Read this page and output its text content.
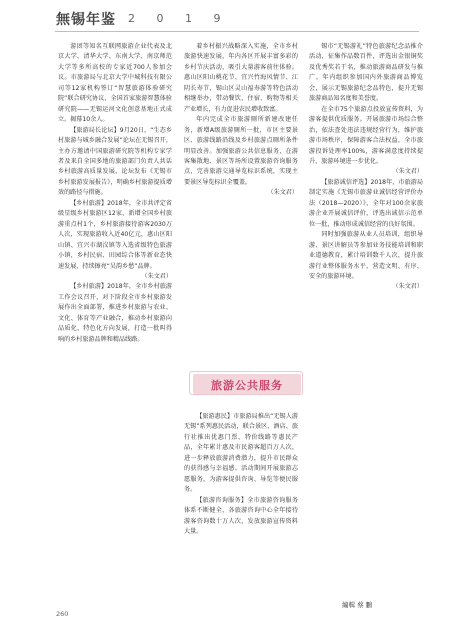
無锡年鉴 2 0 1 9

游团等知名互联网旅游企业代表及北京大学、清华大学、东南大学、南京师范大学等多所高校的专家近700人参加会议。市旅游局与北京大学中城科技有限公司等12家机构签订“智慧旅游体验研究院”联合研究协议，全国首家旅游智慧体验研究院——无锡运河文化创意基地正式成立。揭幕10余人。

【旅游局长论坛】9月20日，“生态乡村旅游与城乡融合发展”论坛在无锡召开，主办方邀请中国旅游研究院等机构专家学者及来自全国多地的旅游部门负责人共话乡村旅游高质量发展，论坛发布《无锡市乡村旅游发展报告》，明确乡村旅游提质增效的路径与措施。

【乡村旅游】2018年，全市共评定省级星级乡村旅游区12家，新增全国乡村旅游重点村1个，乡村旅游接待游客2030万人次，实现旅游收入近40亿元，惠山区阳山镇、宜兴市湖㳇镇等入选省级特色旅游小镇，乡村民宿、田园综合体等新业态快速发展，持续擦亮“吴韵乡愁”品牌。

（朱文君）

【乡村旅游】2018年，全市乡村旅游工作会议召开，对下阶段全市乡村旅游发展作出全面部署，推进乡村旅游与农业、文化、体育等产业融合，推动乡村旅游向品质化、特色化方向发展，打造一批叫得响的乡村旅游品牌和精品线路。

着乡村振兴战略深入实施，全市乡村旅游快速发展，年内各区开展丰富多彩的乡村节庆活动，吸引大量游客前往体验。惠山区阳山桃花节、宜兴竹海风情节、江阴长寿节、锡山区灵山福寿游等特色活动相继举办，带动餐饮、住宿、购物等相关产业增长，有力促进农民增收致富。

年内完成全市旅游厕所新建改建任务，新增A级旅游厕所一批，市区主要景区、旅游线路沿线及乡村旅游点厕所条件明显改善。加强旅游公共信息服务，在游客集散地、景区等场所设置旅游咨询服务点，完善旅游交通导览标识系统，实现主要景区导览标识全覆盖。

（朱文君）

旅游公共服务

【旅游惠民】市旅游局推出“无锡人游无锡”系列惠民活动，联合景区、酒店、旅行社推出优惠门票、特价线路等惠民产品，全年累计惠及市民游客超百万人次，进一步释放旅游消费潜力，提升市民群众的获得感与幸福感。活动期间开展旅游志愿服务，为游客提供咨询、导览等便民服务。

【旅游咨询服务】全市旅游咨询服务体系不断健全，各旅游咨询中心全年接待游客咨询数十万人次，发放旅游宣传资料大量。

锡市“无锡游礼”特色旅游纪念品推介活动，征集作品数百件，评选出金银铜奖及优秀奖若干名，推动旅游商品研发与推广。年内组织参加国内外旅游商品博览会，展示无锡旅游纪念品特色，提升无锡旅游商品知名度和美誉度。

在全市75个旅游点投放宣传资料，为游客提供优质服务。开展旅游市场综合整治，依法查处违法违规经营行为，维护旅游市场秩序，保障游客合法权益，全市旅游投诉处理率100%，游客满意度持续提升，旅游环境进一步优化。

（朱文君）

【旅游诚信评选】2018年，市旅游局制定实施《无锡市旅游业诚信经营评价办法（2018—2020）》，全年对100余家旅游企业开展诚信评价，评选出诚信示范单位一批，推动形成诚信经营的良好氛围。

同时加强旅游从业人员培训，组织导游、景区讲解员等参加业务技能培训和职业道德教育，累计培训数千人次，提升旅游行业整体服务水平，营造文明、有序、安全的旅游环境。

（朱文君）

編輯 蔡 鵬
260
